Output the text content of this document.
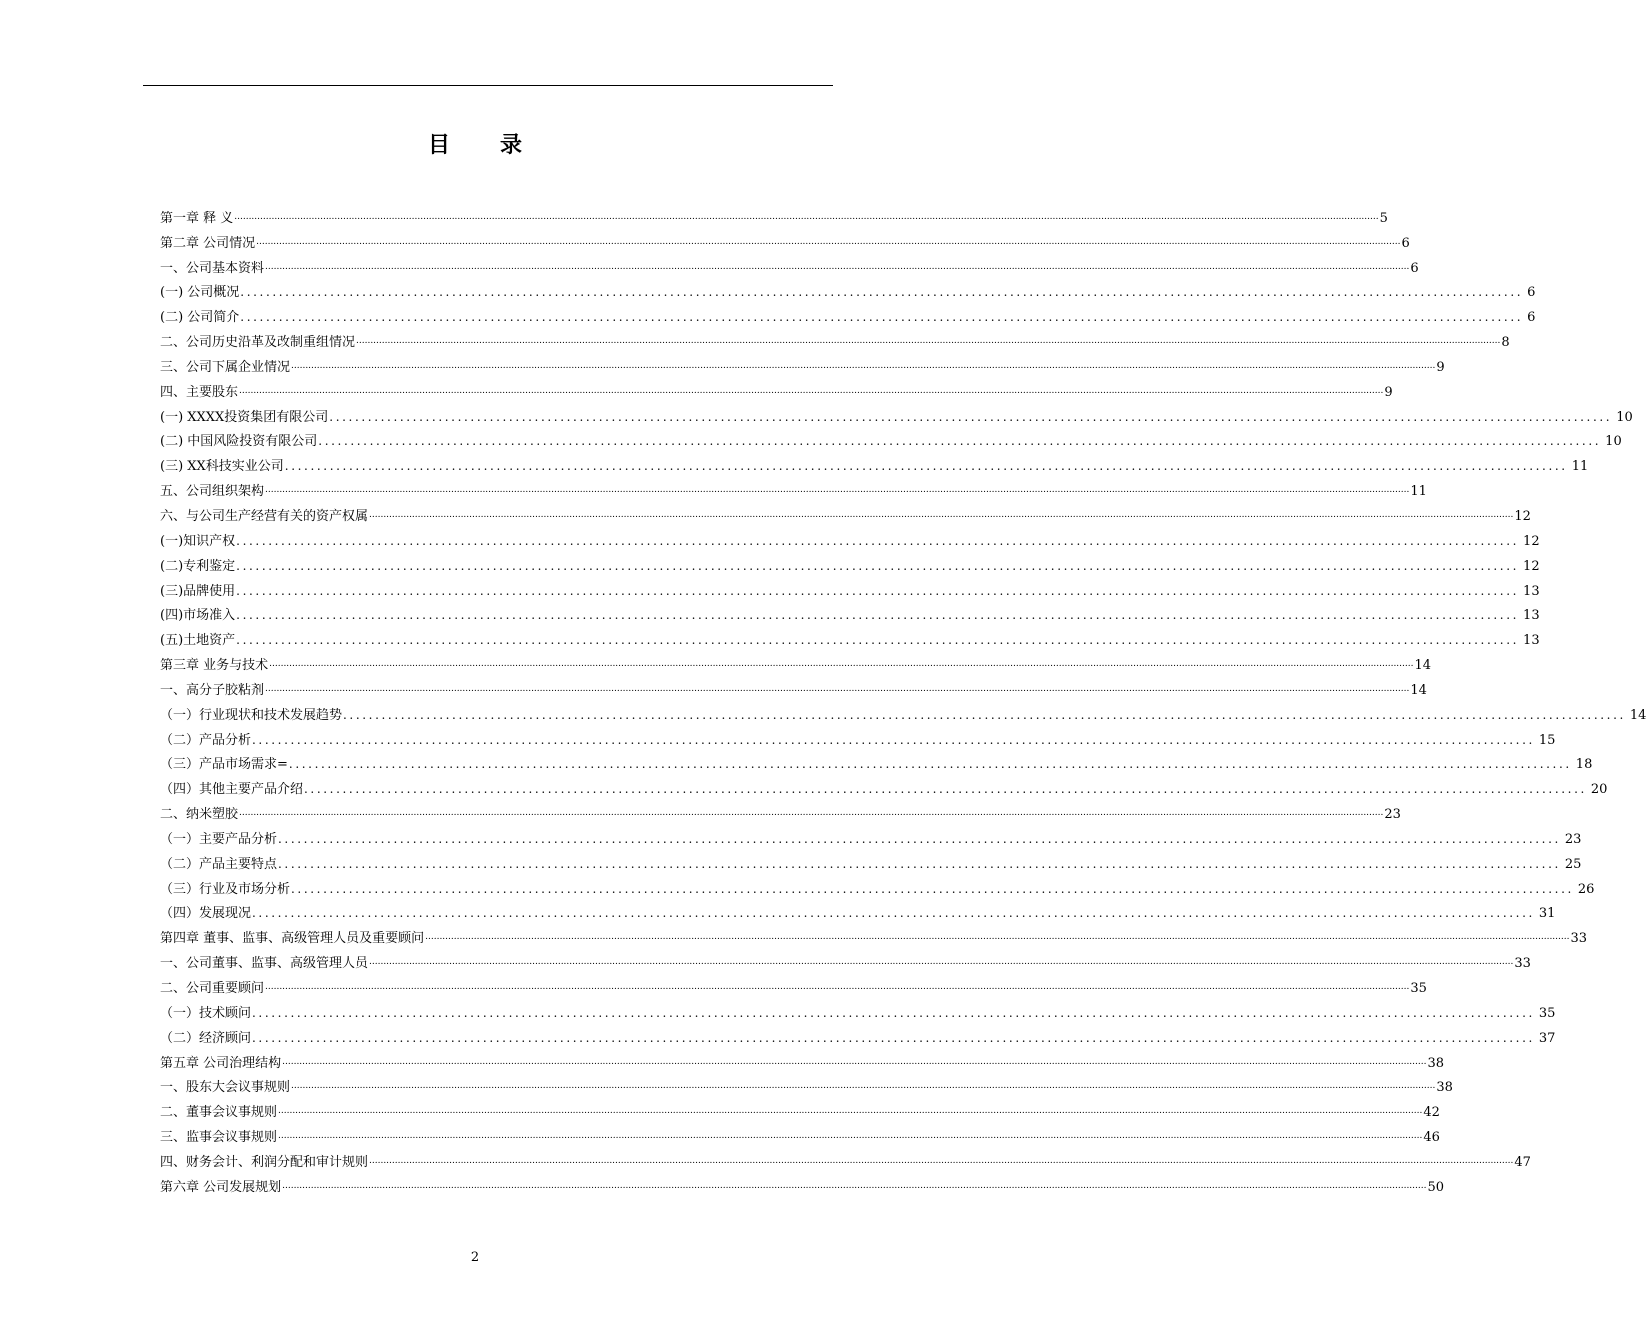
目 录
第一章 释 义 ................................................................................................................................................................................................................................................................................................................................................................................................................ 5
第二章 公司情况 ................................................................................................................................................................................................................................................................................................................................................................................................................ 6
一、公司基本资料 ................................................................................................................................................................................................................................................................................................................................................................................................................ 6
(一) 公司概况 ........................................................................................................................................................................................................ 6
(二) 公司简介 ........................................................................................................................................................................................................ 6
二、公司历史沿革及改制重组情况 ................................................................................................................................................................................................................................................................................................................................................................................................................ 8
三、公司下属企业情况 ................................................................................................................................................................................................................................................................................................................................................................................................................ 9
四、主要股东 ................................................................................................................................................................................................................................................................................................................................................................................................................ 9
(一) XXXX投资集团有限公司 ........................................................................................................................................................................................................ 10
(二) 中国风险投资有限公司 ........................................................................................................................................................................................................ 10
(三) XX科技实业公司 ........................................................................................................................................................................................................ 11
五、公司组织架构 ................................................................................................................................................................................................................................................................................................................................................................................................................ 11
六、与公司生产经营有关的资产权属 ................................................................................................................................................................................................................................................................................................................................................................................................................ 12
(一)知识产权 ........................................................................................................................................................................................................ 12
(二)专利鉴定 ........................................................................................................................................................................................................ 12
(三)品牌使用 ........................................................................................................................................................................................................ 13
(四)市场准入 ........................................................................................................................................................................................................ 13
(五)土地资产 ........................................................................................................................................................................................................ 13
第三章 业务与技术 ................................................................................................................................................................................................................................................................................................................................................................................................................ 14
一、高分子胶粘剂 ................................................................................................................................................................................................................................................................................................................................................................................................................ 14
（一）行业现状和技术发展趋势 ........................................................................................................................................................................................................ 14
（二）产品分析 ........................................................................................................................................................................................................ 15
（三）产品市场需求= ........................................................................................................................................................................................................ 18
（四）其他主要产品介绍 ........................................................................................................................................................................................................ 20
二、纳米塑胶 ................................................................................................................................................................................................................................................................................................................................................................................................................ 23
（一）主要产品分析 ........................................................................................................................................................................................................ 23
（二）产品主要特点 ........................................................................................................................................................................................................ 25
（三）行业及市场分析 ........................................................................................................................................................................................................ 26
（四）发展现况 ........................................................................................................................................................................................................ 31
第四章 董事、监事、高级管理人员及重要顾问 ................................................................................................................................................................................................................................................................................................................................................................................................................ 33
一、公司董事、监事、高级管理人员 ................................................................................................................................................................................................................................................................................................................................................................................................................ 33
二、公司重要顾问 ................................................................................................................................................................................................................................................................................................................................................................................................................ 35
（一）技术顾问 ........................................................................................................................................................................................................ 35
（二）经济顾问 ........................................................................................................................................................................................................ 37
第五章 公司治理结构 ................................................................................................................................................................................................................................................................................................................................................................................................................ 38
一、股东大会议事规则 ................................................................................................................................................................................................................................................................................................................................................................................................................ 38
二、董事会议事规则 ................................................................................................................................................................................................................................................................................................................................................................................................................ 42
三、监事会议事规则 ................................................................................................................................................................................................................................................................................................................................................................................................................ 46
四、财务会计、利润分配和审计规则 ................................................................................................................................................................................................................................................................................................................................................................................................................ 47
第六章 公司发展规划 ................................................................................................................................................................................................................................................................................................................................................................................................................ 50
2
